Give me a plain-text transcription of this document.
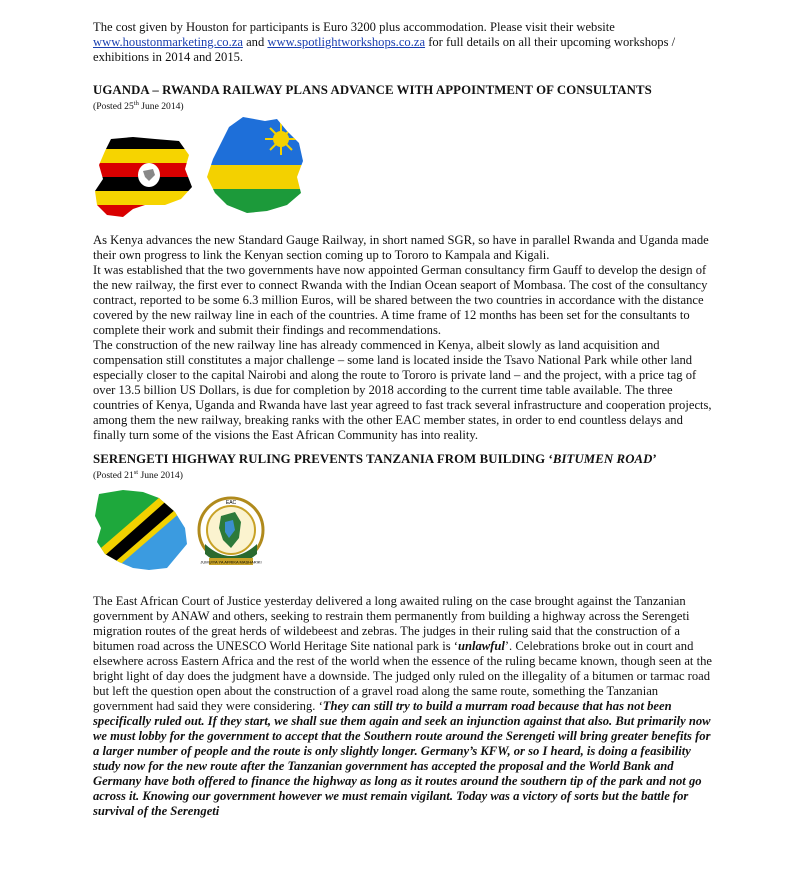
The cost given by Houston for participants is Euro 3200 plus accommodation. Please visit their website www.houstonmarketing.co.za and www.spotlightworkshops.co.za for full details on all their upcoming workshops / exhibitions in 2014 and 2015.

UGANDA – RWANDA RAILWAY PLANS ADVANCE WITH APPOINTMENT OF CONSULTANTS
(Posted 25th June 2014)

As Kenya advances the new Standard Gauge Railway, in short named SGR, so have in parallel Rwanda and Uganda made their own progress to link the Kenyan section coming up to Tororo to Kampala and Kigali.
It was established that the two governments have now appointed German consultancy firm Gauff to develop the design of the new railway, the first ever to connect Rwanda with the Indian Ocean seaport of Mombasa. The cost of the consultancy contract, reported to be some 6.3 million Euros, will be shared between the two countries in accordance with the distance covered by the new railway line in each of the countries. A time frame of 12 months has been set for the consultants to complete their work and submit their findings and recommendations.
The construction of the new railway line has already commenced in Kenya, albeit slowly as land acquisition and compensation still constitutes a major challenge – some land is located inside the Tsavo National Park while other land especially closer to the capital Nairobi and along the route to Tororo is private land – and the project, with a price tag of over 13.5 billion US Dollars, is due for completion by 2018 according to the current time table available. The three countries of Kenya, Uganda and Rwanda have last year agreed to fast track several infrastructure and cooperation projects, among them the new railway, breaking ranks with the other EAC member states, in order to end countless delays and finally turn some of the visions the East African Community has into reality.

SERENGETI HIGHWAY RULING PREVENTS TANZANIA FROM BUILDING ‘BITUMEN ROAD’
(Posted 21st June 2014)
JUMUIYA YA AFRIKA MASHARIKI
EAC

The East African Court of Justice yesterday delivered a long awaited ruling on the case brought against the Tanzanian government by ANAW and others, seeking to restrain them permanently from building a highway across the Serengeti migration routes of the great herds of wildebeest and zebras. The judges in their ruling said that the construction of a bitumen road across the UNESCO World Heritage Site national park is ‘unlawful’. Celebrations broke out in court and elsewhere across Eastern Africa and the rest of the world when the essence of the ruling became known, though seen at the bright light of day does the judgment have a downside. The judged only ruled on the illegality of a bitumen or tarmac road but left the question open about the construction of a gravel road along the same route, something the Tanzanian government had said they were considering. ‘They can still try to build a murram road because that has not been specifically ruled out. If they start, we shall sue them again and seek an injunction against that also. But primarily now we must lobby for the government to accept that the Southern route around the Serengeti will bring greater benefits for a larger number of people and the route is only slightly longer. Germany’s KFW, or so I heard, is doing a feasibility study now for the new route after the Tanzanian government has accepted the proposal and the World Bank and Germany have both offered to finance the highway as long as it routes around the southern tip of the park and not go across it. Knowing our government however we must remain vigilant. Today was a victory of sorts but the battle for survival of the Serengeti
